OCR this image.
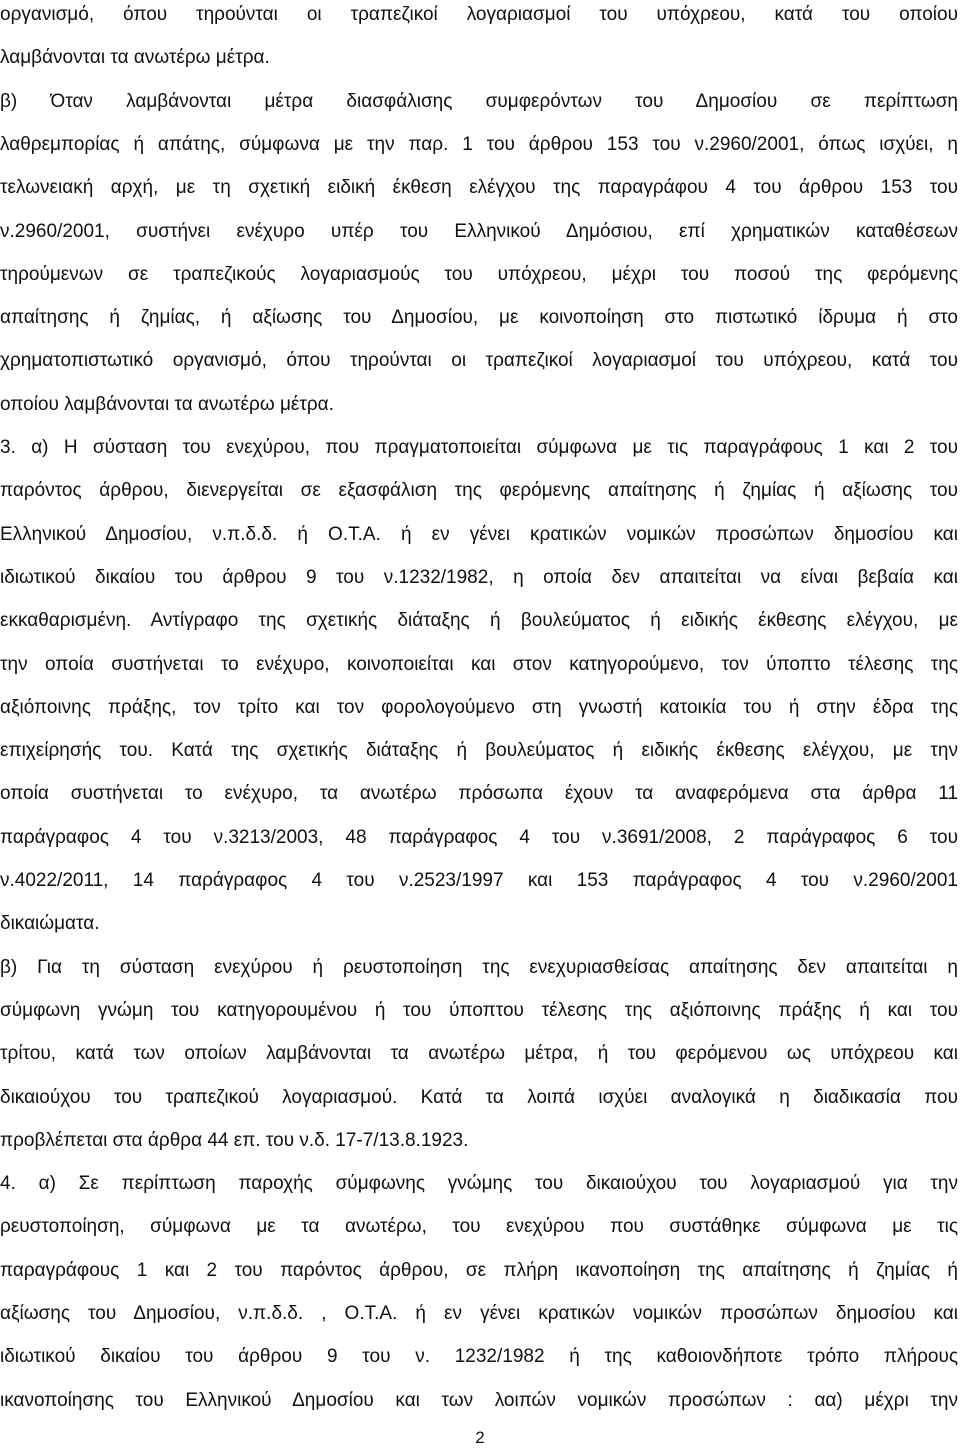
οργανισμό, όπου τηρούνται οι τραπεζικοί λογαριασμοί του υπόχρεου, κατά του οποίου
λαμβάνονται τα ανωτέρω μέτρα.
β) Όταν λαμβάνονται μέτρα διασφάλισης συμφερόντων του Δημοσίου σε περίπτωση
λαθρεμπορίας ή απάτης, σύμφωνα με την παρ. 1 του άρθρου 153 του ν.2960/2001, όπως ισχύει, η
τελωνειακή αρχή, με τη σχετική ειδική έκθεση ελέγχου της παραγράφου 4 του άρθρου 153 του
ν.2960/2001, συστήνει ενέχυρο υπέρ του Ελληνικού Δημόσιου, επί χρηματικών καταθέσεων
τηρούμενων σε τραπεζικούς λογαριασμούς του υπόχρεου, μέχρι του ποσού της φερόμενης
απαίτησης ή ζημίας, ή αξίωσης του Δημοσίου, με κοινοποίηση στο πιστωτικό ίδρυμα ή στο
χρηματοπιστωτικό οργανισμό, όπου τηρούνται οι τραπεζικοί λογαριασμοί του υπόχρεου, κατά του
οποίου λαμβάνονται τα ανωτέρω μέτρα.
3. α) Η σύσταση του ενεχύρου, που πραγματοποιείται σύμφωνα με τις παραγράφους 1 και 2 του
παρόντος άρθρου, διενεργείται σε εξασφάλιση της φερόμενης απαίτησης ή ζημίας ή αξίωσης του
Ελληνικού Δημοσίου, ν.π.δ.δ. ή Ο.Τ.Α. ή εν γένει κρατικών νομικών προσώπων δημοσίου και
ιδιωτικού δικαίου του άρθρου 9 του ν.1232/1982, η οποία δεν απαιτείται να είναι βεβαία και
εκκαθαρισμένη. Αντίγραφο της σχετικής διάταξης ή βουλεύματος ή ειδικής έκθεσης ελέγχου, με
την οποία συστήνεται το ενέχυρο, κοινοποιείται και στον κατηγορούμενο, τον ύποπτο τέλεσης της
αξιόποινης πράξης, τον τρίτο και τον φορολογούμενο στη γνωστή κατοικία του ή στην έδρα της
επιχείρησής του. Κατά της σχετικής διάταξης ή βουλεύματος ή ειδικής έκθεσης ελέγχου, με την
οποία συστήνεται το ενέχυρο, τα ανωτέρω πρόσωπα έχουν τα αναφερόμενα στα άρθρα 11
παράγραφος 4 του ν.3213/2003, 48 παράγραφος 4 του ν.3691/2008, 2 παράγραφος 6 του
ν.4022/2011, 14 παράγραφος 4 του ν.2523/1997 και 153 παράγραφος 4 του ν.2960/2001
δικαιώματα.
β) Για τη σύσταση ενεχύρου ή ρευστοποίηση της ενεχυριασθείσας απαίτησης δεν απαιτείται η
σύμφωνη γνώμη του κατηγορουμένου ή του ύποπτου τέλεσης της αξιόποινης πράξης ή και του
τρίτου, κατά των οποίων λαμβάνονται τα ανωτέρω μέτρα, ή του φερόμενου ως υπόχρεου και
δικαιούχου του τραπεζικού λογαριασμού. Κατά τα λοιπά ισχύει αναλογικά η διαδικασία που
προβλέπεται στα άρθρα 44 επ. του ν.δ. 17-7/13.8.1923.
4. α) Σε περίπτωση παροχής σύμφωνης γνώμης του δικαιούχου του λογαριασμού για την
ρευστοποίηση, σύμφωνα με τα ανωτέρω, του ενεχύρου που συστάθηκε σύμφωνα με τις
παραγράφους 1 και 2 του παρόντος άρθρου, σε πλήρη ικανοποίηση της απαίτησης ή ζημίας ή
αξίωσης του Δημοσίου, ν.π.δ.δ. , Ο.Τ.Α. ή εν γένει κρατικών νομικών προσώπων δημοσίου και
ιδιωτικού δικαίου του άρθρου 9 του ν. 1232/1982 ή της καθοιονδήποτε τρόπο πλήρους
ικανοποίησης του Ελληνικού Δημοσίου και των λοιπών νομικών προσώπων : αα) μέχρι την
2
